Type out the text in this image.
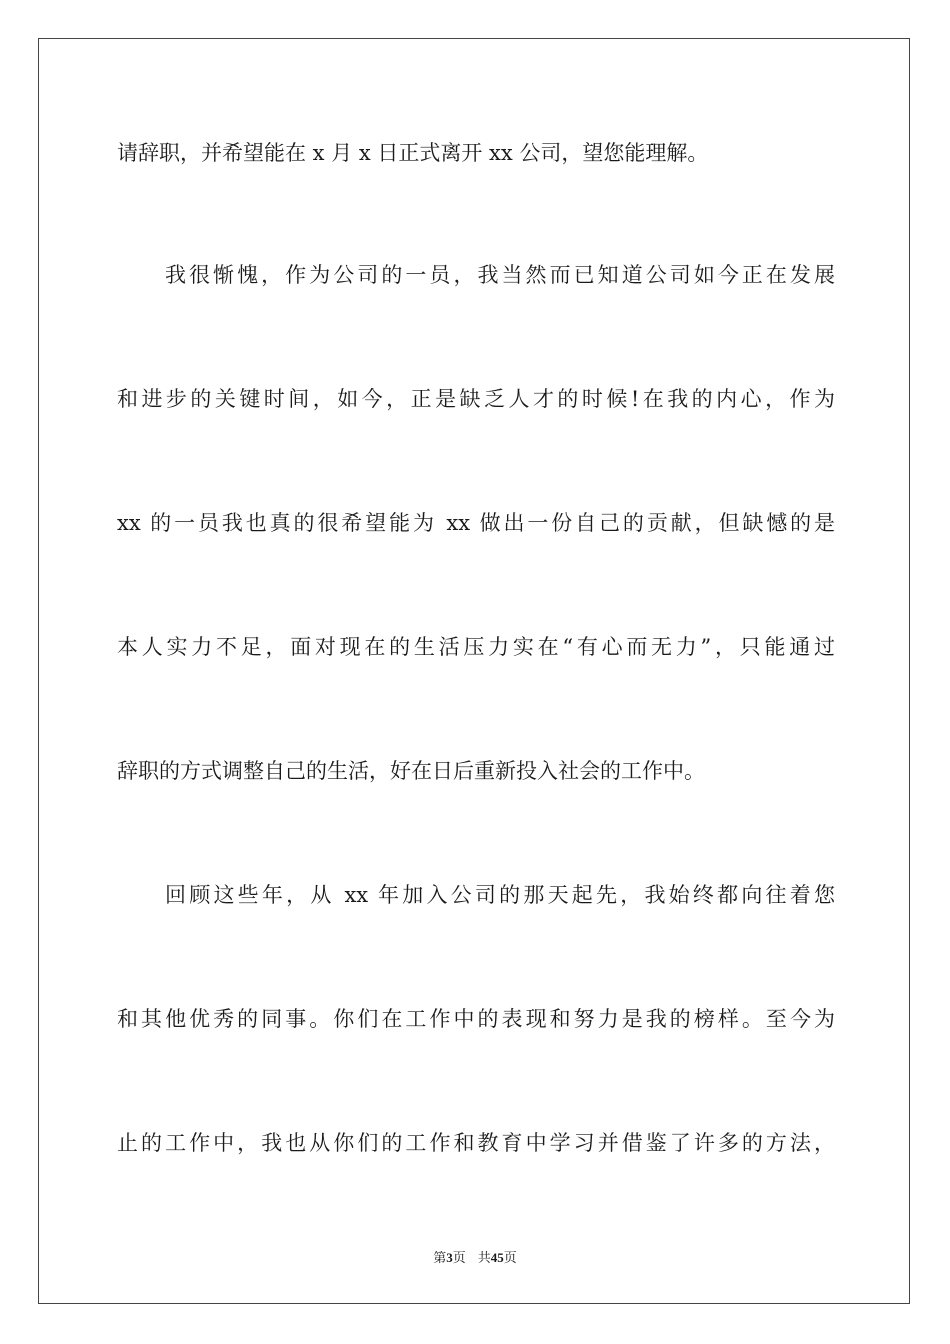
请辞职，并希望能在 x 月 x 日正式离开 xx 公司，望您能理解。
我很惭愧，作为公司的一员，我当然而已知道公司如今正在发展
和进步的关键时间，如今，正是缺乏人才的时候!在我的内心，作为
xx 的一员我也真的很希望能为 xx 做出一份自己的贡献，但缺憾的是
本人实力不足，面对现在的生活压力实在“有心而无力”，只能通过
辞职的方式调整自己的生活，好在日后重新投入社会的工作中。
回顾这些年，从 xx 年加入公司的那天起先，我始终都向往着您
和其他优秀的同事。你们在工作中的表现和努力是我的榜样。至今为
止的工作中，我也从你们的工作和教育中学习并借鉴了许多的方法，
第3页 共45页
